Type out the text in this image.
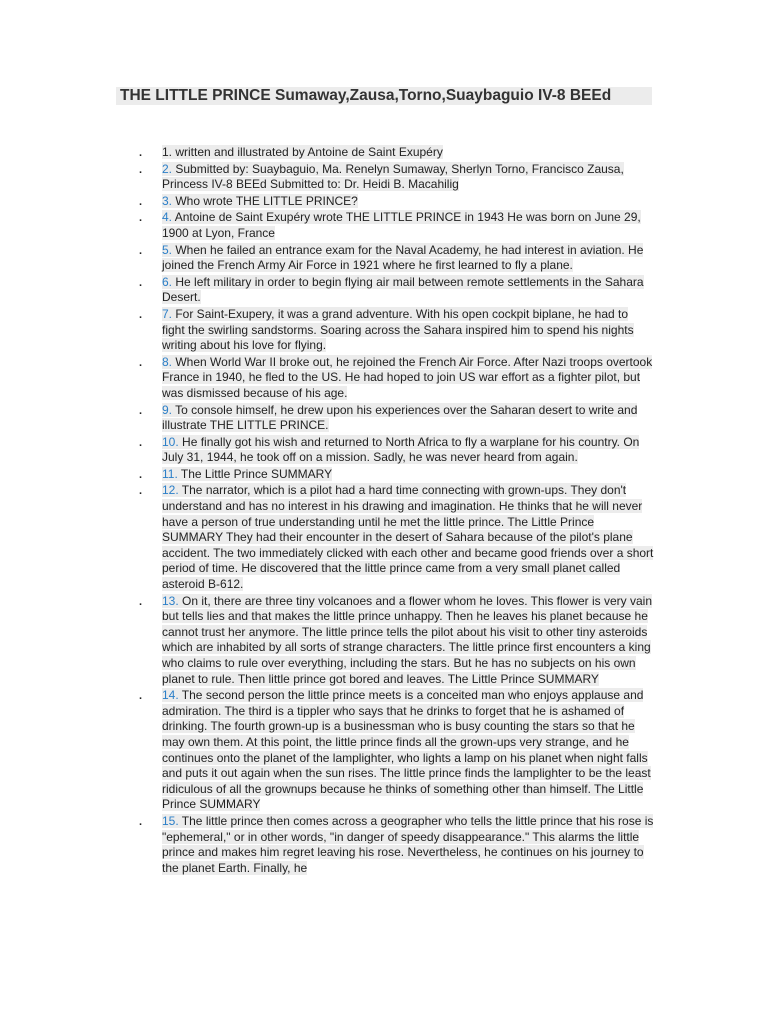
THE LITTLE PRINCE Sumaway,Zausa,Torno,Suaybaguio IV-8 BEEd
. 1. written and illustrated by Antoine de Saint Exupéry
. 2. Submitted by: Suaybaguio, Ma. Renelyn Sumaway, Sherlyn Torno, Francisco Zausa, Princess IV-8 BEEd Submitted to: Dr. Heidi B. Macahilig
. 3. Who wrote THE LITTLE PRINCE?
. 4. Antoine de Saint Exupéry wrote THE LITTLE PRINCE in 1943 He was born on June 29, 1900 at Lyon, France
. 5. When he failed an entrance exam for the Naval Academy, he had interest in aviation. He joined the French Army Air Force in 1921 where he first learned to fly a plane.
. 6. He left military in order to begin flying air mail between remote settlements in the Sahara Desert.
. 7. For Saint-Exupery, it was a grand adventure. With his open cockpit biplane, he had to fight the swirling sandstorms. Soaring across the Sahara inspired him to spend his nights writing about his love for flying.
. 8. When World War II broke out, he rejoined the French Air Force. After Nazi troops overtook France in 1940, he fled to the US. He had hoped to join US war effort as a fighter pilot, but was dismissed because of his age.
. 9. To console himself, he drew upon his experiences over the Saharan desert to write and illustrate THE LITTLE PRINCE.
. 10. He finally got his wish and returned to North Africa to fly a warplane for his country. On July 31, 1944, he took off on a mission. Sadly, he was never heard from again.
. 11. The Little Prince SUMMARY
. 12. The narrator, which is a pilot had a hard time connecting with grown-ups. They don't understand and has no interest in his drawing and imagination. He thinks that he will never have a person of true understanding until he met the little prince. The Little Prince SUMMARY They had their encounter in the desert of Sahara because of the pilot's plane accident. The two immediately clicked with each other and became good friends over a short period of time. He discovered that the little prince came from a very small planet called asteroid B-612.
. 13. On it, there are three tiny volcanoes and a flower whom he loves. This flower is very vain but tells lies and that makes the little prince unhappy. Then he leaves his planet because he cannot trust her anymore. The little prince tells the pilot about his visit to other tiny asteroids which are inhabited by all sorts of strange characters. The little prince first encounters a king who claims to rule over everything, including the stars. But he has no subjects on his own planet to rule. Then little prince got bored and leaves. The Little Prince SUMMARY
. 14. The second person the little prince meets is a conceited man who enjoys applause and admiration. The third is a tippler who says that he drinks to forget that he is ashamed of drinking. The fourth grown-up is a businessman who is busy counting the stars so that he may own them. At this point, the little prince finds all the grown-ups very strange, and he continues onto the planet of the lamplighter, who lights a lamp on his planet when night falls and puts it out again when the sun rises. The little prince finds the lamplighter to be the least ridiculous of all the grownups because he thinks of something other than himself. The Little Prince SUMMARY
. 15. The little prince then comes across a geographer who tells the little prince that his rose is "ephemeral," or in other words, "in danger of speedy disappearance." This alarms the little prince and makes him regret leaving his rose. Nevertheless, he continues on his journey to the planet Earth. Finally, he
